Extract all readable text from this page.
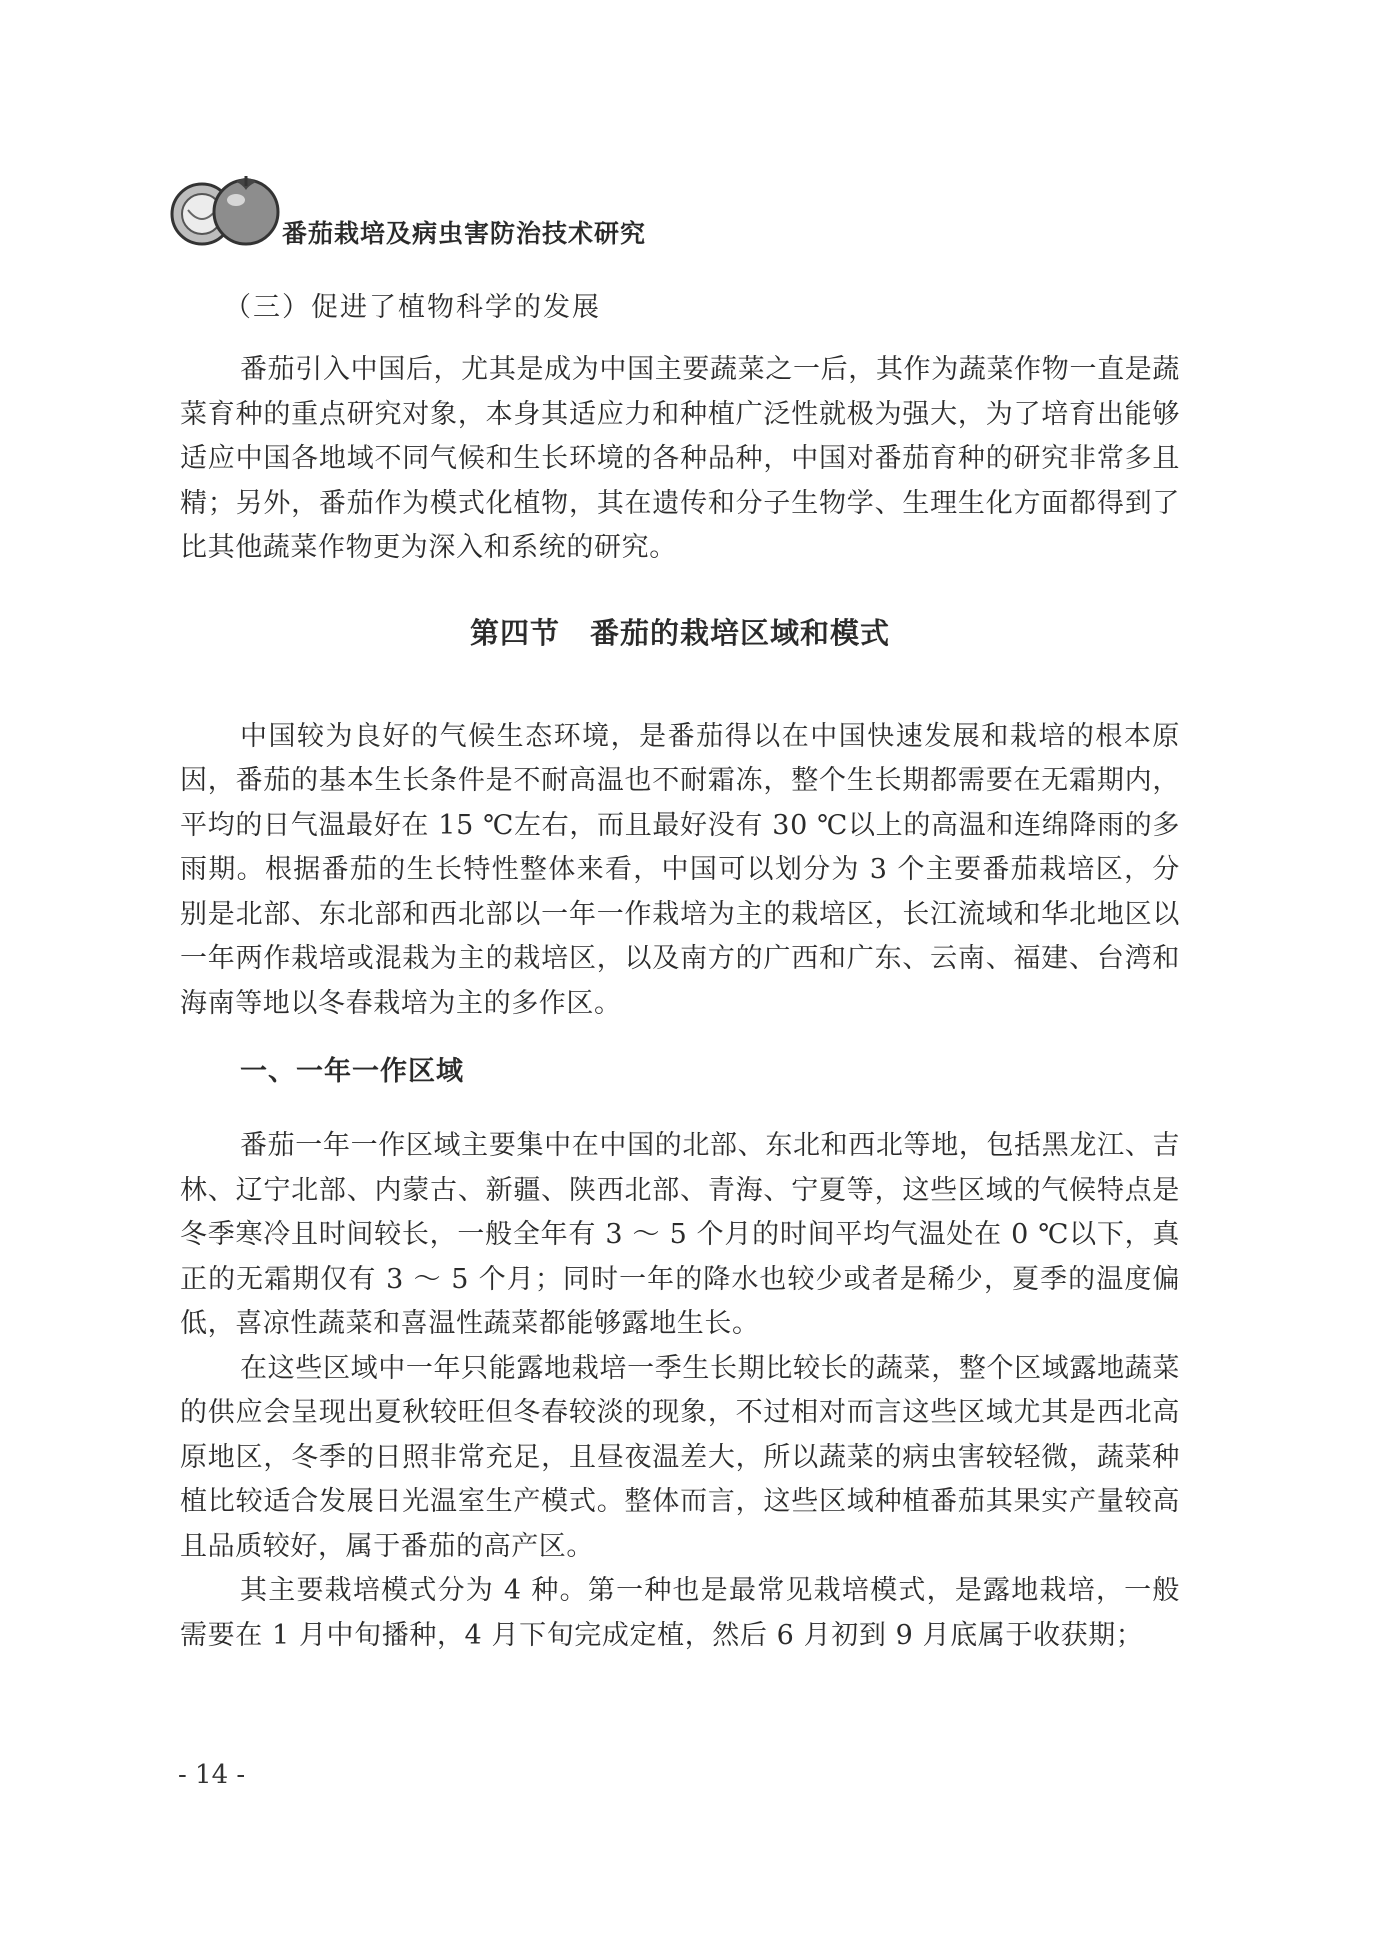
番茄栽培及病虫害防治技术研究
（三）促进了植物科学的发展

番茄引入中国后，尤其是成为中国主要蔬菜之一后，其作为蔬菜作物一直是蔬菜育种的重点研究对象，本身其适应力和种植广泛性就极为强大，为了培育出能够适应中国各地域不同气候和生长环境的各种品种，中国对番茄育种的研究非常多且精；另外，番茄作为模式化植物，其在遗传和分子生物学、生理生化方面都得到了比其他蔬菜作物更为深入和系统的研究。

第四节　番茄的栽培区域和模式

中国较为良好的气候生态环境，是番茄得以在中国快速发展和栽培的根本原因，番茄的基本生长条件是不耐高温也不耐霜冻，整个生长期都需要在无霜期内，平均的日气温最好在 15 ℃左右，而且最好没有 30 ℃以上的高温和连绵降雨的多雨期。根据番茄的生长特性整体来看，中国可以划分为 3 个主要番茄栽培区，分别是北部、东北部和西北部以一年一作栽培为主的栽培区，长江流域和华北地区以一年两作栽培或混栽为主的栽培区，以及南方的广西和广东、云南、福建、台湾和海南等地以冬春栽培为主的多作区。

一、一年一作区域

番茄一年一作区域主要集中在中国的北部、东北和西北等地，包括黑龙江、吉林、辽宁北部、内蒙古、新疆、陕西北部、青海、宁夏等，这些区域的气候特点是冬季寒冷且时间较长，一般全年有 3 ～ 5 个月的时间平均气温处在 0 ℃以下，真正的无霜期仅有 3 ～ 5 个月；同时一年的降水也较少或者是稀少，夏季的温度偏低，喜凉性蔬菜和喜温性蔬菜都能够露地生长。

在这些区域中一年只能露地栽培一季生长期比较长的蔬菜，整个区域露地蔬菜的供应会呈现出夏秋较旺但冬春较淡的现象，不过相对而言这些区域尤其是西北高原地区，冬季的日照非常充足，且昼夜温差大，所以蔬菜的病虫害较轻微，蔬菜种植比较适合发展日光温室生产模式。整体而言，这些区域种植番茄其果实产量较高且品质较好，属于番茄的高产区。

其主要栽培模式分为 4 种。第一种也是最常见栽培模式，是露地栽培，一般需要在 1 月中旬播种，4 月下旬完成定植，然后 6 月初到 9 月底属于收获期；

- 14 -
